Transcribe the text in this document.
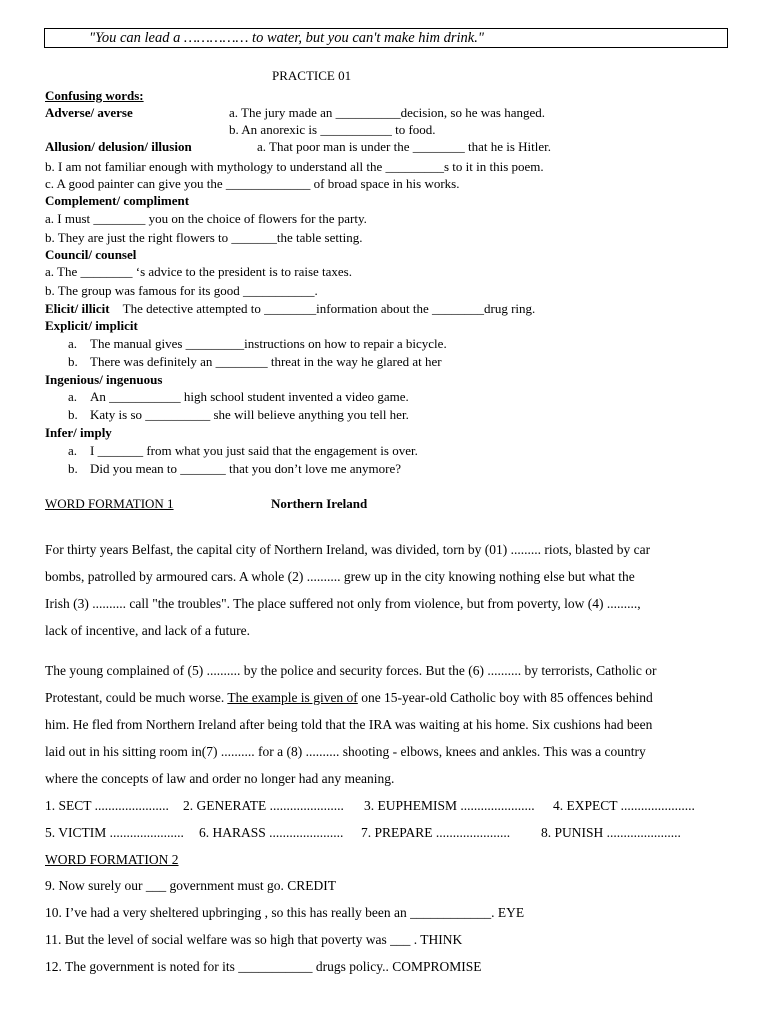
"You can lead a …………… to water, but you can't make him drink."
PRACTICE 01
Confusing words:
Adverse/ averse	a. The jury made an __________decision, so he was hanged.
b. An anorexic is ___________ to food.
Allusion/ delusion/ illusion	a. That poor man is under the ________ that he is Hitler.
b. I am not familiar enough with mythology to understand all the _________s to it in this poem.
c. A good painter can give you the _____________ of broad space in his works.
Complement/ compliment
a. I must ________ you on the choice of flowers for the party.
b. They are just the right flowers to _______the table setting.
Council/ counsel
a. The ________ ‘s advice to the president is to raise taxes.
b. The group was famous for its good ___________.
Elicit/ illicit The detective attempted to ________information about the ________drug ring.
Explicit/ implicit
a. The manual gives _________instructions on how to repair a bicycle.
b. There was definitely an ________ threat in the way he glared at her
Ingenious/ ingenuous
a. An ___________ high school student invented a video game.
b. Katy is so __________ she will believe anything you tell her.
Infer/ imply
a. I _______ from what you just said that the engagement is over.
b. Did you mean to _______ that you don’t love me anymore?
WORD FORMATION 1	Northern Ireland
For thirty years Belfast, the capital city of Northern Ireland, was divided, torn by (01) ......... riots, blasted by car
bombs, patrolled by armoured cars. A whole (2) .......... grew up in the city knowing nothing else but what the
Irish (3) .......... call "the troubles". The place suffered not only from violence, but from poverty, low (4) .........,
lack of incentive, and lack of a future.
The young complained of (5) .......... by the police and security forces. But the (6) .......... by terrorists, Catholic or
Protestant, could be much worse. The example is given of one 15-year-old Catholic boy with 85 offences behind
him. He fled from Northern Ireland after being told that the IRA was waiting at his home. Six cushions had been
laid out in his sitting room in(7) .......... for a (8) .......... shooting - elbows, knees and ankles. This was a country
where the concepts of law and order no longer had any meaning.
1. SECT ...................... 2. GENERATE ...................... 3. EUPHEMISM ...................... 4. EXPECT ......................
5. VICTIM ...................... 6. HARASS ...................... 7. PREPARE ...................... 8. PUNISH ......................
WORD FORMATION 2
9. Now surely our ___ government must go. CREDIT
10. I’ve had a very sheltered upbringing , so this has really been an ____________. EYE
11. But the level of social welfare was so high that poverty was ___ . THINK
12. The government is noted for its ___________ drugs policy.. COMPROMISE
